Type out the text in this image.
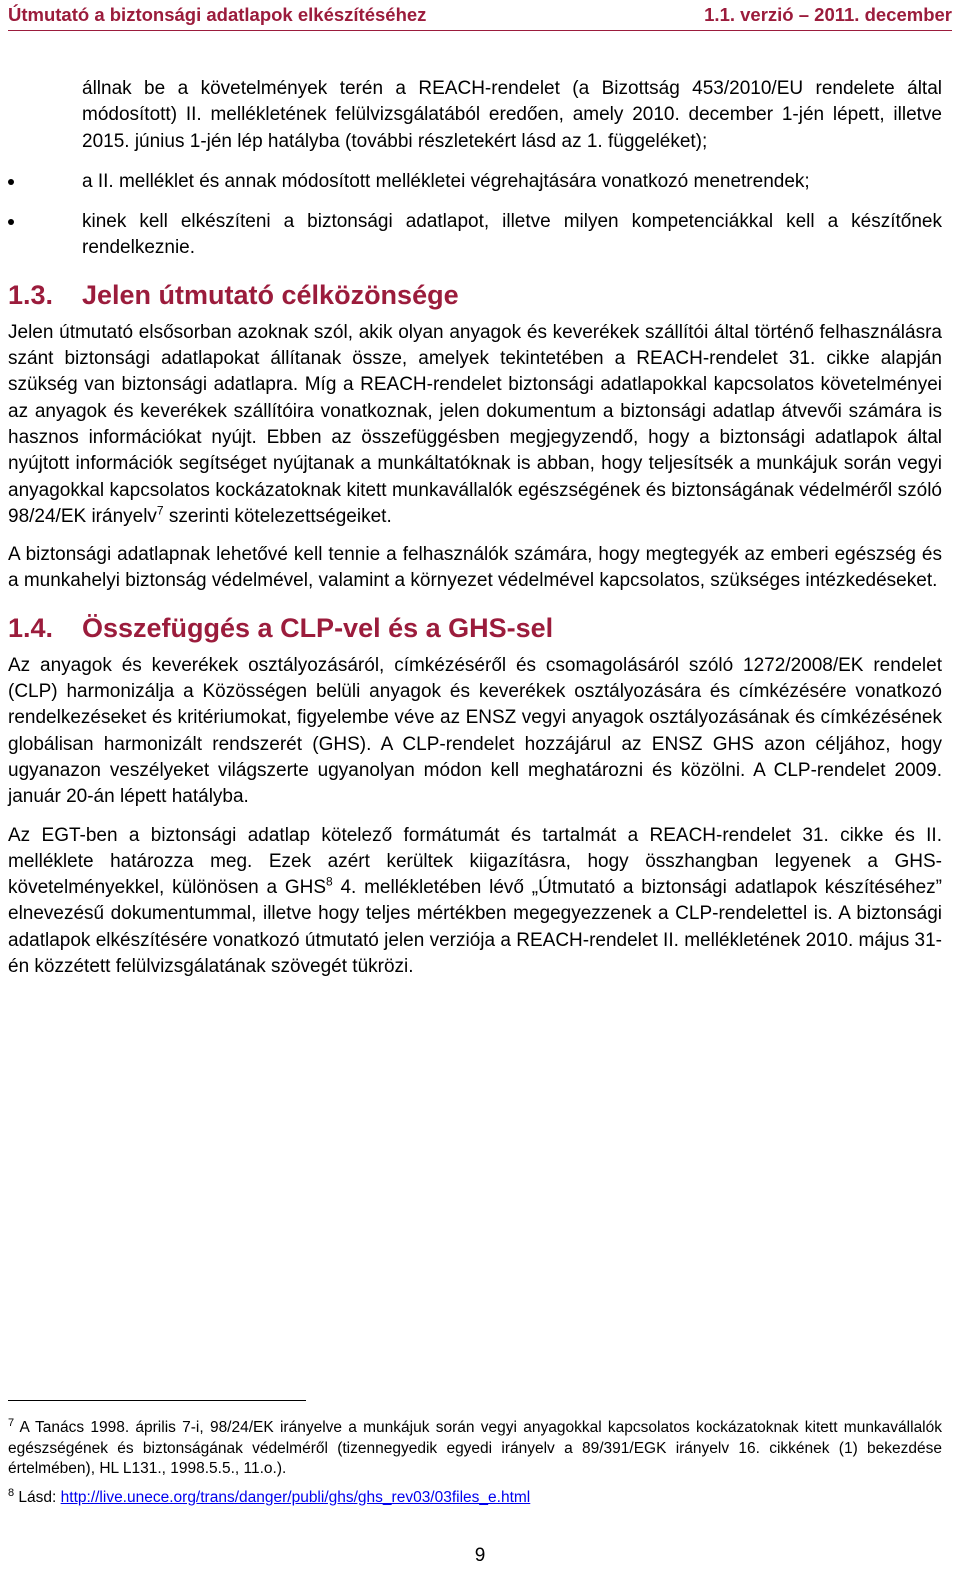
Útmutató a biztonsági adatlapok elkészítéséhez	1.1. verzió – 2011. december

állnak be a követelmények terén a REACH-rendelet (a Bizottság 453/2010/EU rendelete által módosított) II. mellékletének felülvizsgálatából eredően, amely 2010. december 1-jén lépett, illetve 2015. június 1-jén lép hatályba (további részletekért lásd az 1. függeléket);

a II. melléklet és annak módosított mellékletei végrehajtására vonatkozó menetrendek;
kinek kell elkészíteni a biztonsági adatlapot, illetve milyen kompetenciákkal kell a készítőnek rendelkeznie.
1.3.	Jelen útmutató célközönsége

Jelen útmutató elsősorban azoknak szól, akik olyan anyagok és keverékek szállítói által történő felhasználásra szánt biztonsági adatlapokat állítanak össze, amelyek tekintetében a REACH-rendelet 31. cikke alapján szükség van biztonsági adatlapra. Míg a REACH-rendelet biztonsági adatlapokkal kapcsolatos követelményei az anyagok és keverékek szállítóira vonatkoznak, jelen dokumentum a biztonsági adatlap átvevői számára is hasznos információkat nyújt. Ebben az összefüggésben megjegyzendő, hogy a biztonsági adatlapok által nyújtott információk segítséget nyújtanak a munkáltatóknak is abban, hogy teljesítsék a munkájuk során vegyi anyagokkal kapcsolatos kockázatoknak kitett munkavállalók egészségének és biztonságának védelméről szóló 98/24/EK irányelv$^7$ szerinti kötelezettségeiket.

A biztonsági adatlapnak lehetővé kell tennie a felhasználók számára, hogy megtegyék az emberi egészség és a munkahelyi biztonság védelmével, valamint a környezet védelmével kapcsolatos, szükséges intézkedéseket.

1.4.	Összefüggés a CLP-vel és a GHS-sel

Az anyagok és keverékek osztályozásáról, címkézéséről és csomagolásáról szóló 1272/2008/EK rendelet (CLP) harmonizálja a Közösségen belüli anyagok és keverékek osztályozására és címkézésére vonatkozó rendelkezéseket és kritériumokat, figyelembe véve az ENSZ vegyi anyagok osztályozásának és címkézésének globálisan harmonizált rendszerét (GHS). A CLP-rendelet hozzájárul az ENSZ GHS azon céljához, hogy ugyanazon veszélyeket világszerte ugyanolyan módon kell meghatározni és közölni. A CLP-rendelet 2009. január 20-án lépett hatályba.

Az EGT-ben a biztonsági adatlap kötelező formátumát és tartalmát a REACH-rendelet 31. cikke és II. melléklete határozza meg. Ezek azért kerültek kiigazításra, hogy összhangban legyenek a GHS-követelményekkel, különösen a GHS$^8$ 4. mellékletében lévő „Útmutató a biztonsági adatlapok készítéséhez” elnevezésű dokumentummal, illetve hogy teljes mértékben megegyezzenek a CLP-rendelettel is. A biztonsági adatlapok elkészítésére vonatkozó útmutató jelen verziója a REACH-rendelet II. mellékletének 2010. május 31-én közzétett felülvizsgálatának szövegét tükrözi.

$^7$ A Tanács 1998. április 7-i, 98/24/EK irányelve a munkájuk során vegyi anyagokkal kapcsolatos kockázatoknak kitett munkavállalók egészségének és biztonságának védelméről (tizennegyedik egyedi irányelv a 89/391/EGK irányelv 16. cikkének (1) bekezdése értelmében), HL L131., 1998.5.5., 11.o.).
$^8$ Lásd: http://live.unece.org/trans/danger/publi/ghs/ghs_rev03/03files_e.html
9
